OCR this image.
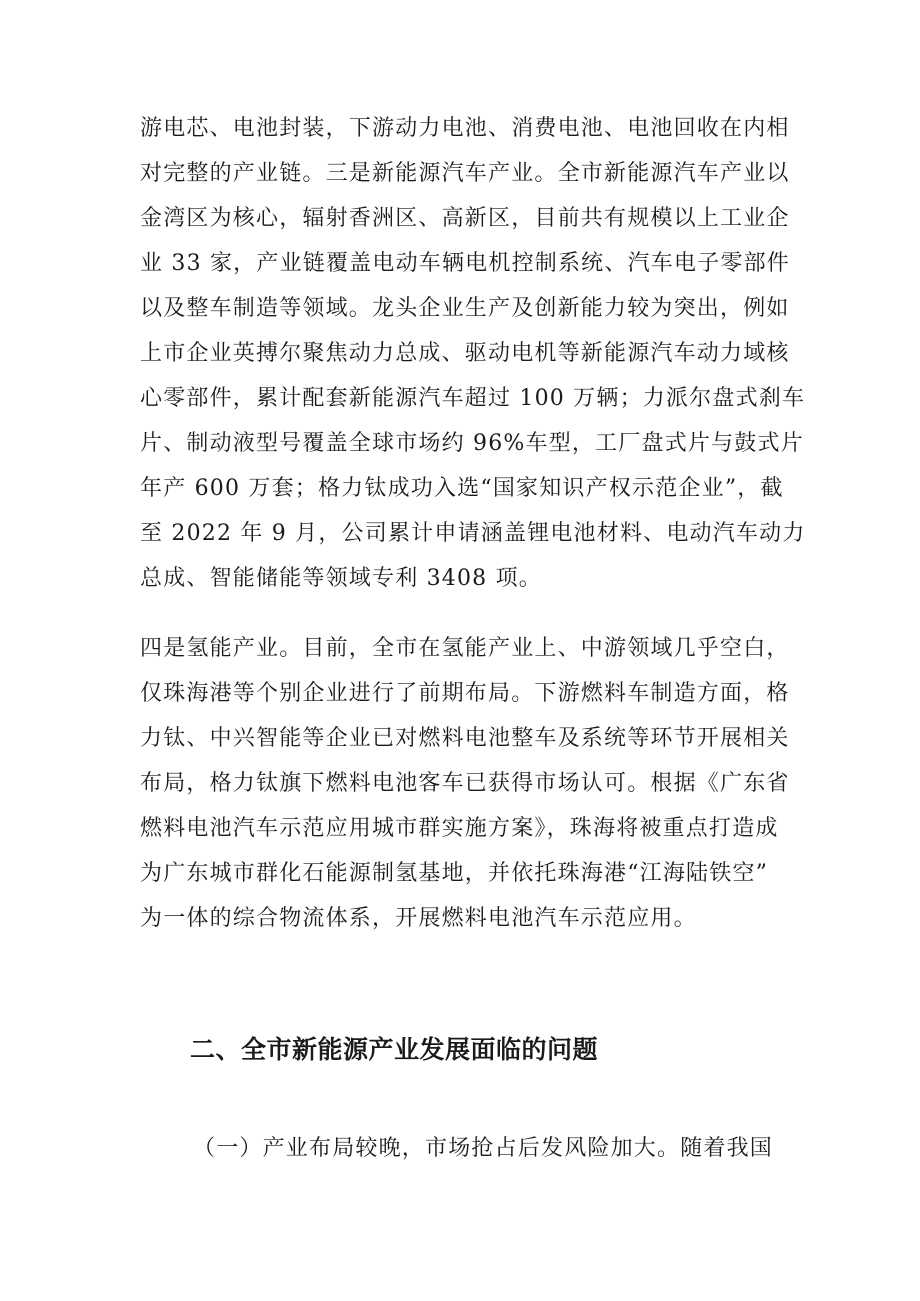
游电芯、电池封装，下游动力电池、消费电池、电池回收在内相
对完整的产业链。三是新能源汽车产业。全市新能源汽车产业以
金湾区为核心，辐射香洲区、高新区，目前共有规模以上工业企
业 33 家，产业链覆盖电动车辆电机控制系统、汽车电子零部件
以及整车制造等领域。龙头企业生产及创新能力较为突出，例如
上市企业英搏尔聚焦动力总成、驱动电机等新能源汽车动力域核
心零部件，累计配套新能源汽车超过 100 万辆；力派尔盘式刹车
片、制动液型号覆盖全球市场约 96%车型，工厂盘式片与鼓式片
年产 600 万套；格力钛成功入选“国家知识产权示范企业”，截
至 2022 年 9 月，公司累计申请涵盖锂电池材料、电动汽车动力
总成、智能储能等领域专利 3408 项。

四是氢能产业。目前，全市在氢能产业上、中游领域几乎空白，
仅珠海港等个别企业进行了前期布局。下游燃料车制造方面，格
力钛、中兴智能等企业已对燃料电池整车及系统等环节开展相关
布局，格力钛旗下燃料电池客车已获得市场认可。根据《广东省
燃料电池汽车示范应用城市群实施方案》，珠海将被重点打造成
为广东城市群化石能源制氢基地，并依托珠海港“江海陆铁空”
为一体的综合物流体系，开展燃料电池汽车示范应用。

二、全市新能源产业发展面临的问题

（一）产业布局较晚，市场抢占后发风险加大。随着我国
